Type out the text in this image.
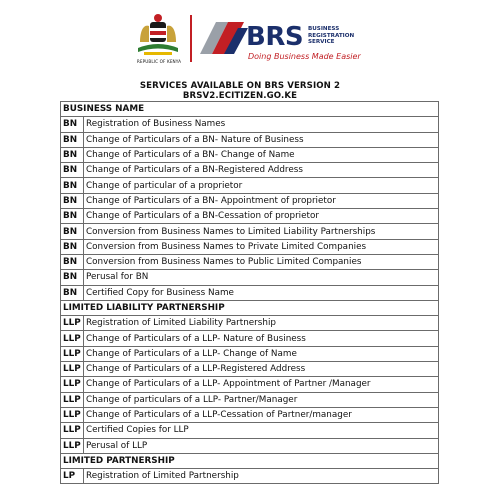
REPUBLIC OF KENYA
BRS BUSINESS
REGISTRATION
SERVICE
Doing Business Made Easier
SERVICES AVAILABLE ON BRS VERSION 2
BRSV2.ECITIZEN.GO.KE
BUSINESS NAME	
BN	Registration of Business Names
BN	Change of Particulars of a BN- Nature of Business
BN	Change of Particulars of a BN- Change of Name
BN	Change of Particulars of a BN-Registered Address
BN	Change of particular of a proprietor
BN	Change of Particulars of a BN- Appointment of proprietor
BN	Change of Particulars of a BN-Cessation of proprietor
BN	Conversion from Business Names to Limited Liability Partnerships
BN	Conversion from Business Names to Private Limited Companies
BN	Conversion from Business Names to Public Limited Companies
BN	Perusal for BN
BN	Certified Copy for Business Name
LIMITED LIABILITY PARTNERSHIP	
LLP	Registration of Limited Liability Partnership
LLP	Change of Particulars of a LLP- Nature of Business
LLP	Change of Particulars of a LLP- Change of Name
LLP	Change of Particulars of a LLP-Registered Address
LLP	Change of Particulars of a LLP- Appointment of Partner /Manager
LLP	Change of particulars of a LLP- Partner/Manager
LLP	Change of Particulars of a LLP-Cessation of Partner/manager
LLP	Certified Copies for LLP
LLP	Perusal of LLP
LIMITED PARTNERSHIP	
LP	Registration of Limited Partnership
